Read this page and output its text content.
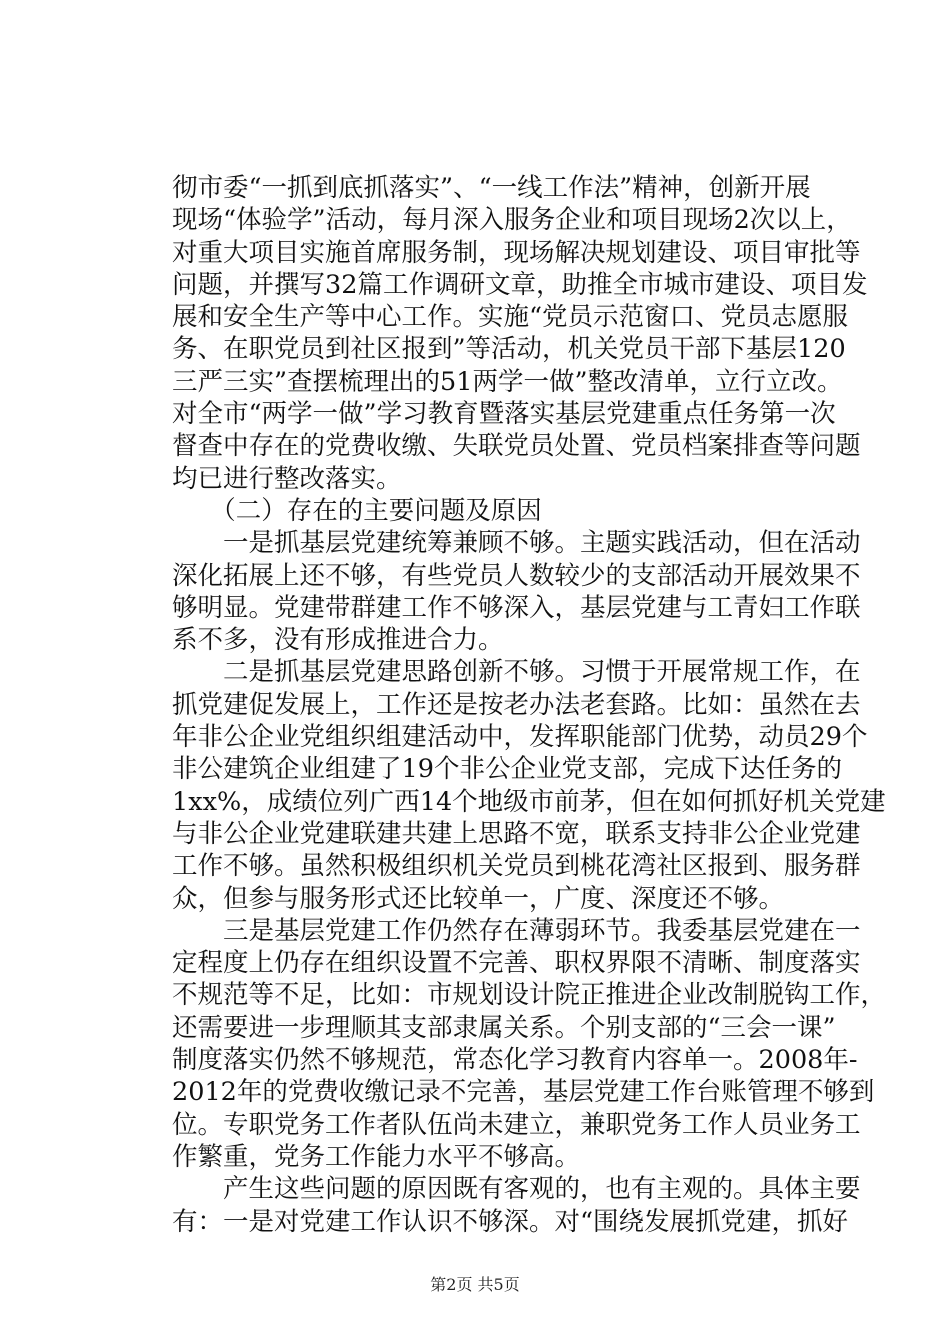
彻市委“一抓到底抓落实”、“一线工作法”精神，创新开展
现场“体验学”活动，每月深入服务企业和项目现场2次以上，
对重大项目实施首席服务制，现场解决规划建设、项目审批等
问题，并撰写32篇工作调研文章，助推全市城市建设、项目发
展和安全生产等中心工作。实施“党员示范窗口、党员志愿服
务、在职党员到社区报到”等活动，机关党员干部下基层120
三严三实”查摆梳理出的51两学一做”整改清单，立行立改。
对全市“两学一做”学习教育暨落实基层党建重点任务第一次
督查中存在的党费收缴、失联党员处置、党员档案排查等问题
均已进行整改落实。
　　（二）存在的主要问题及原因
　　一是抓基层党建统筹兼顾不够。主题实践活动，但在活动
深化拓展上还不够，有些党员人数较少的支部活动开展效果不
够明显。党建带群建工作不够深入，基层党建与工青妇工作联
系不多，没有形成推进合力。
　　二是抓基层党建思路创新不够。习惯于开展常规工作，在
抓党建促发展上，工作还是按老办法老套路。比如：虽然在去
年非公企业党组织组建活动中，发挥职能部门优势，动员29个
非公建筑企业组建了19个非公企业党支部，完成下达任务的
1xx%，成绩位列广西14个地级市前茅，但在如何抓好机关党建
与非公企业党建联建共建上思路不宽，联系支持非公企业党建
工作不够。虽然积极组织机关党员到桃花湾社区报到、服务群
众，但参与服务形式还比较单一，广度、深度还不够。
　　三是基层党建工作仍然存在薄弱环节。我委基层党建在一
定程度上仍存在组织设置不完善、职权界限不清晰、制度落实
不规范等不足，比如：市规划设计院正推进企业改制脱钩工作，
还需要进一步理顺其支部隶属关系。个别支部的“三会一课”
制度落实仍然不够规范，常态化学习教育内容单一。2008年-
2012年的党费收缴记录不完善，基层党建工作台账管理不够到
位。专职党务工作者队伍尚未建立，兼职党务工作人员业务工
作繁重，党务工作能力水平不够高。
　　产生这些问题的原因既有客观的，也有主观的。具体主要
有：一是对党建工作认识不够深。对“围绕发展抓党建，抓好
第2页 共5页
